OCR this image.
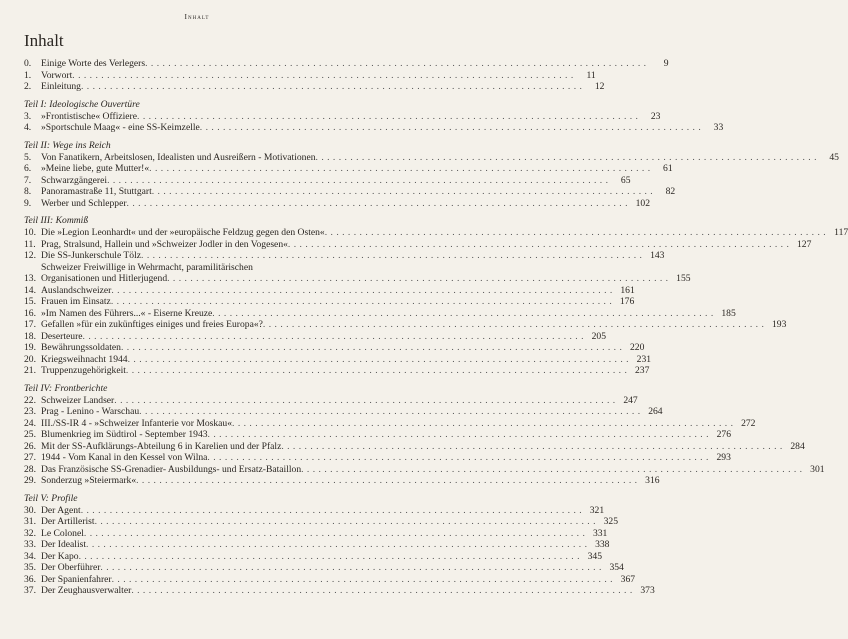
Inhalt
Inhalt
0.	Einige Worte des Verlegers . . .	9
1.	Vorwort . . .	11
2.	Einleitung . . .	12
Teil I: Ideologische Ouvertüre
3.	»Frontistische« Offiziere . . .	23
4.	»Sportschule Maag« - eine SS-Keimzelle . . .	33
Teil II: Wege ins Reich
5.	Von Fanatikern, Arbeitslosen, Idealisten und Ausreißern - Motivationen . . .	45
6.	»Meine liebe, gute Mutter!« . . .	61
7.	Schwarzgängerei . . .	65
8.	Panoramastraße 11, Stuttgart . . .	82
9.	Werber und Schlepper . . .	102
Teil III: Kommiß
10. Die »Legion Leonhardt« und der »europäische Feldzug gegen den Osten« . . .	117
11. Prag, Stralsund, Hallein und »Schweizer Jodler in den Vogesen« . . .	127
12. Die SS-Junkerschule Tölz . . .	143
13.
Schweizer Freiwillige in Wehrmacht, paramilitärischen
Organisationen und Hitlerjugend . . .	155
14. Auslandschweizer . . .	161
15. Frauen im Einsatz . . .	176
16. »Im Namen des Führers...« - Eiserne Kreuze . . .	185
17. Gefallen »für ein zukünftiges einiges und freies Europa«? . . .	193
18. Deserteure . . .	205
19. Bewährungssoldaten . . .	220
20. Kriegsweihnacht 1944 . . .	231
21. Truppenzugehörigkeit . . .	237
Teil IV: Frontberichte
22. Schweizer Landser . . .	247
23. Prag - Lenino - Warschau . . .	264
24. III./SS-IR 4 - »Schweizer Infanterie vor Moskau« . . .	272
25. Blumenkrieg im Südtirol - September 1943 . . .	276
26. Mit der SS-Aufklärungs-Abteilung 6 in Karelien und der Pfalz . . .	284
27. 1944 - Vom Kanal in den Kessel von Wilna . . .	293
28. Das Französische SS-Grenadier- Ausbildungs- und Ersatz-Bataillon . . .	301
29. Sonderzug »Steiermark« . . .	316
Teil V: Profile
30. Der Agent . . .	321
31. Der Artillerist . . .	325
32. Le Colonel . . .	331
33. Der Idealist . . .	338
34. Der Kapo . . .	345
35. Der Oberführer . . .	354
36. Der Spanienfahrer . . .	367
37. Der Zeughausverwalter . . .	373
